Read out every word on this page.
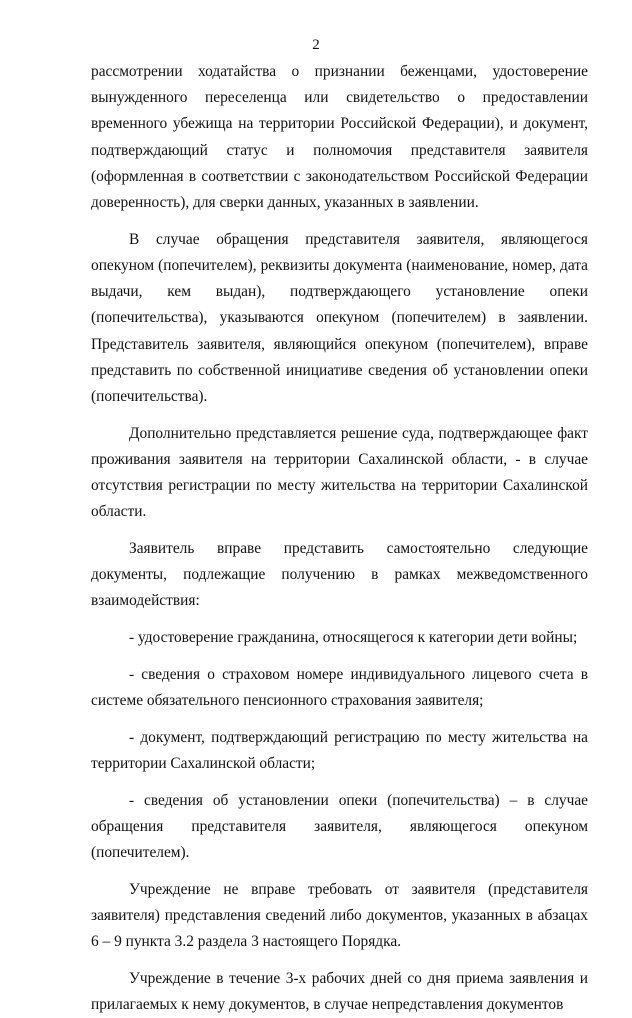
2

рассмотрении ходатайства о признании беженцами, удостоверение вынужденного переселенца или свидетельство о предоставлении временного убежища на территории Российской Федерации), и документ, подтверждающий статус и полномочия представителя заявителя (оформленная в соответствии с законодательством Российской Федерации доверенность), для сверки данных, указанных в заявлении.

В случае обращения представителя заявителя, являющегося опекуном (попечителем), реквизиты документа (наименование, номер, дата выдачи, кем выдан), подтверждающего установление опеки (попечительства), указываются опекуном (попечителем) в заявлении. Представитель заявителя, являющийся опекуном (попечителем), вправе представить по собственной инициативе сведения об установлении опеки (попечительства).

Дополнительно представляется решение суда, подтверждающее факт проживания заявителя на территории Сахалинской области, - в случае отсутствия регистрации по месту жительства на территории Сахалинской области.

Заявитель вправе представить самостоятельно следующие документы, подлежащие получению в рамках межведомственного взаимодействия:

- удостоверение гражданина, относящегося к категории дети войны;

- сведения о страховом номере индивидуального лицевого счета в системе обязательного пенсионного страхования заявителя;

- документ, подтверждающий регистрацию по месту жительства на территории Сахалинской области;

- сведения об установлении опеки (попечительства) – в случае обращения представителя заявителя, являющегося опекуном (попечителем).

Учреждение не вправе требовать от заявителя (представителя заявителя) представления сведений либо документов, указанных в абзацах 6 – 9 пункта 3.2 раздела 3 настоящего Порядка.

Учреждение в течение 3-х рабочих дней со дня приема заявления и прилагаемых к нему документов, в случае непредставления документов
